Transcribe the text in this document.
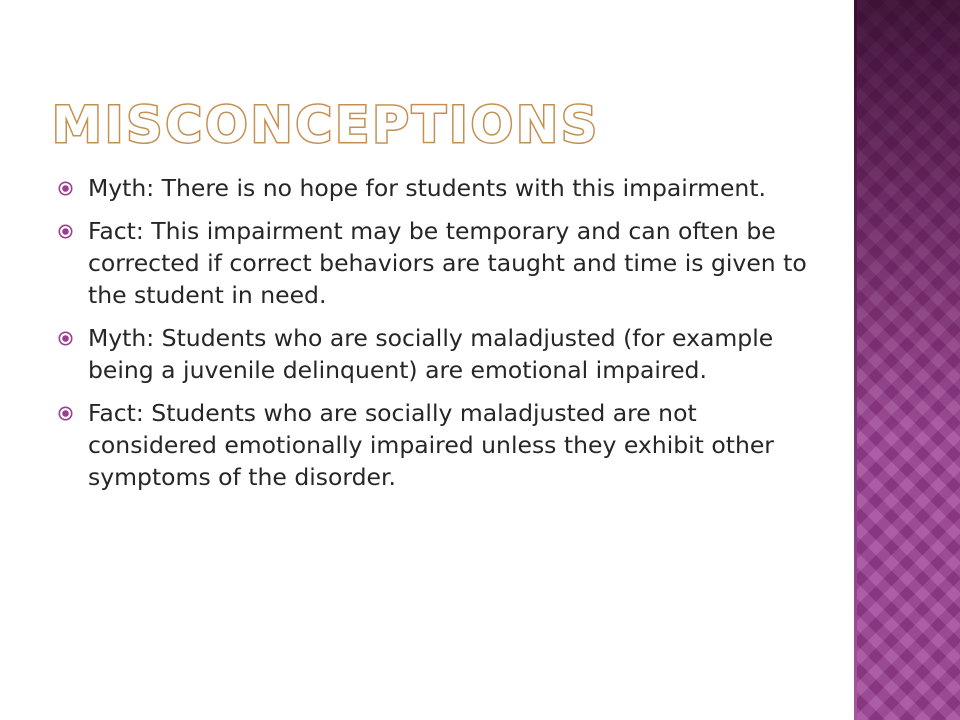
MISCONCEPTIONS
Myth: There is no hope for students with this impairment.
Fact: This impairment may be temporary and can often be corrected if correct behaviors are taught and time is given to the student in need.
Myth: Students who are socially maladjusted (for example being a juvenile delinquent) are emotional impaired.
Fact: Students who are socially maladjusted are not considered emotionally impaired unless they exhibit other symptoms of the disorder.
